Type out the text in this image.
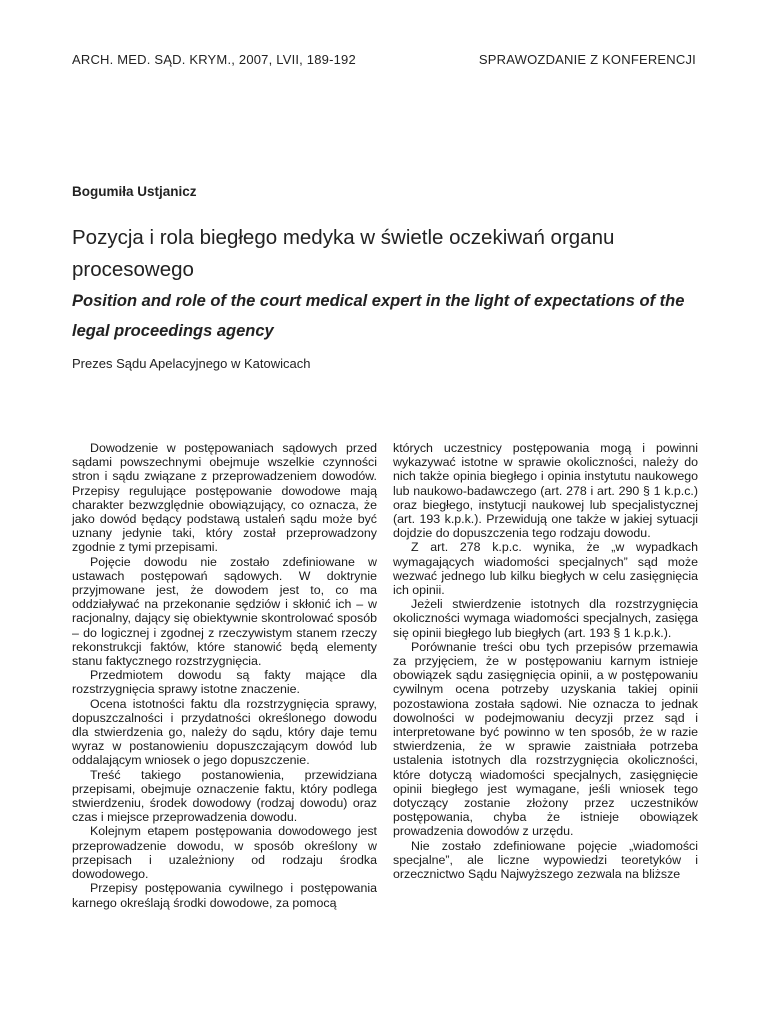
ARCH. MED. SĄD. KRYM., 2007, LVII, 189-192	SPRAWOZDANIE Z KONFERENCJI
Bogumiła Ustjanicz
Pozycja i rola biegłego medyka w świetle oczekiwań organu procesowego
Position and role of the court medical expert in the light of expectations of the legal proceedings agency
Prezes Sądu Apelacyjnego w Katowicach

Dowodzenie w postępowaniach sądowych przed sądami powszechnymi obejmuje wszelkie czynności stron i sądu związane z przeprowadzeniem dowodów. Przepisy regulujące postępowanie dowodowe mają charakter bezwzględnie obowiązujący, co oznacza, że jako dowód będący podstawą ustaleń sądu może być uznany jedynie taki, który został przeprowadzony zgodnie z tymi przepisami.

Pojęcie dowodu nie zostało zdefiniowane w ustawach postępowań sądowych. W doktrynie przyjmowane jest, że dowodem jest to, co ma oddziaływać na przekonanie sędziów i skłonić ich – w racjonalny, dający się obiektywnie skontrolować sposób – do logicznej i zgodnej z rzeczywistym stanem rzeczy rekonstrukcji faktów, które stanowić będą elementy stanu faktycznego rozstrzygnięcia.

Przedmiotem dowodu są fakty mające dla rozstrzygnięcia sprawy istotne znaczenie.

Ocena istotności faktu dla rozstrzygnięcia sprawy, dopuszczalności i przydatności określonego dowodu dla stwierdzenia go, należy do sądu, który daje temu wyraz w postanowieniu dopuszczającym dowód lub oddalającym wniosek o jego dopuszczenie.

Treść takiego postanowienia, przewidziana przepisami, obejmuje oznaczenie faktu, który podlega stwierdzeniu, środek dowodowy (rodzaj dowodu) oraz czas i miejsce przeprowadzenia dowodu.

Kolejnym etapem postępowania dowodowego jest przeprowadzenie dowodu, w sposób określony w przepisach i uzależniony od rodzaju środka dowodowego.

Przepisy postępowania cywilnego i postępowania karnego określają środki dowodowe, za pomocą

których uczestnicy postępowania mogą i powinni wykazywać istotne w sprawie okoliczności, należy do nich także opinia biegłego i opinia instytutu naukowego lub naukowo-badawczego (art. 278 i art. 290 § 1 k.p.c.) oraz biegłego, instytucji naukowej lub specjalistycznej (art. 193 k.p.k.). Przewidują one także w jakiej sytuacji dojdzie do dopuszczenia tego rodzaju dowodu.

Z art. 278 k.p.c. wynika, że „w wypadkach wymagających wiadomości specjalnych” sąd może wezwać jednego lub kilku biegłych w celu zasięgnięcia ich opinii.

Jeżeli stwierdzenie istotnych dla rozstrzygnięcia okoliczności wymaga wiadomości specjalnych, zasięga się opinii biegłego lub biegłych (art. 193 § 1 k.p.k.).

Porównanie treści obu tych przepisów przemawia za przyjęciem, że w postępowaniu karnym istnieje obowiązek sądu zasięgnięcia opinii, a w postępowaniu cywilnym ocena potrzeby uzyskania takiej opinii pozostawiona została sądowi. Nie oznacza to jednak dowolności w podejmowaniu decyzji przez sąd i interpretowane być powinno w ten sposób, że w razie stwierdzenia, że w sprawie zaistniała potrzeba ustalenia istotnych dla rozstrzygnięcia okoliczności, które dotyczą wiadomości specjalnych, zasięgnięcie opinii biegłego jest wymagane, jeśli wniosek tego dotyczący zostanie złożony przez uczestników postępowania, chyba że istnieje obowiązek prowadzenia dowodów z urzędu.

Nie zostało zdefiniowane pojęcie „wiadomości specjalne”, ale liczne wypowiedzi teoretyków i orzecznictwo Sądu Najwyższego zezwala na bliższe
